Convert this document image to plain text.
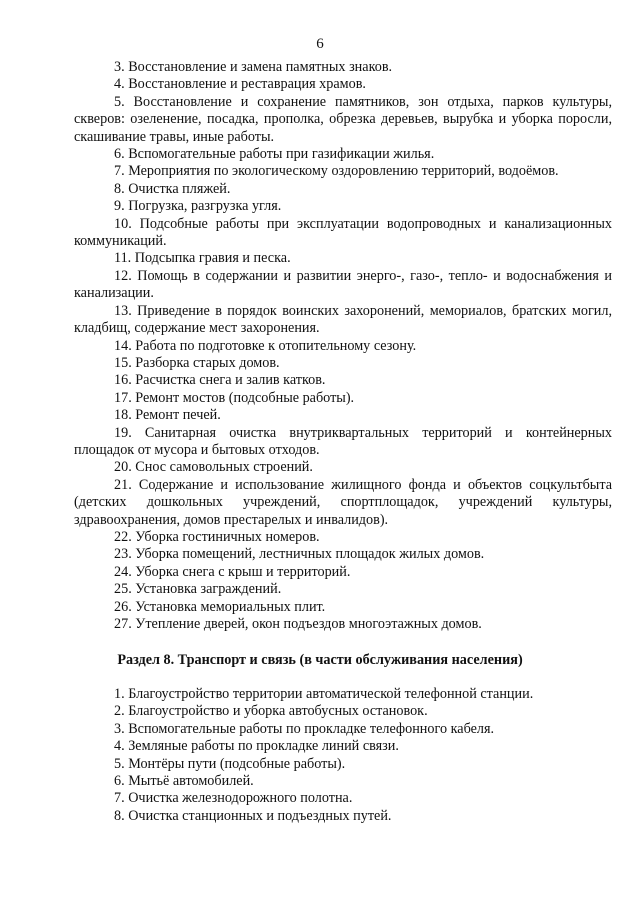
6

3. Восстановление и замена памятных знаков.

4. Восстановление и реставрация храмов.

5. Восстановление и сохранение памятников, зон отдыха, парков культуры, скверов: озеленение, посадка, прополка, обрезка деревьев, вырубка и уборка поросли, скашивание травы, иные работы.

6. Вспомогательные работы при газификации жилья.

7. Мероприятия по экологическому оздоровлению территорий, водоёмов.

8. Очистка пляжей.

9. Погрузка, разгрузка угля.

10. Подсобные работы при эксплуатации водопроводных и канализационных коммуникаций.

11. Подсыпка гравия и песка.

12. Помощь в содержании и развитии энерго-, газо-, тепло- и водоснабжения и канализации.

13. Приведение в порядок воинских захоронений, мемориалов, братских могил, кладбищ, содержание мест захоронения.

14. Работа по подготовке к отопительному сезону.

15. Разборка старых домов.

16. Расчистка снега и залив катков.

17. Ремонт мостов (подсобные работы).

18. Ремонт печей.

19. Санитарная очистка внутриквартальных территорий и контейнерных площадок от мусора и бытовых отходов.

20. Снос самовольных строений.

21. Содержание и использование жилищного фонда и объектов соцкультбыта (детских дошкольных учреждений, спортплощадок, учреждений культуры, здравоохранения, домов престарелых и инвалидов).

22. Уборка гостиничных номеров.

23. Уборка помещений, лестничных площадок жилых домов.

24. Уборка снега с крыш и территорий.

25. Установка заграждений.

26. Установка мемориальных плит.

27. Утепление дверей, окон подъездов многоэтажных домов.

Раздел 8. Транспорт и связь (в части обслуживания населения)

1. Благоустройство территории автоматической телефонной станции.

2. Благоустройство и уборка автобусных остановок.

3. Вспомогательные работы по прокладке телефонного кабеля.

4. Земляные работы по прокладке линий связи.

5. Монтёры пути (подсобные работы).

6. Мытьё автомобилей.

7. Очистка железнодорожного полотна.

8. Очистка станционных и подъездных путей.
